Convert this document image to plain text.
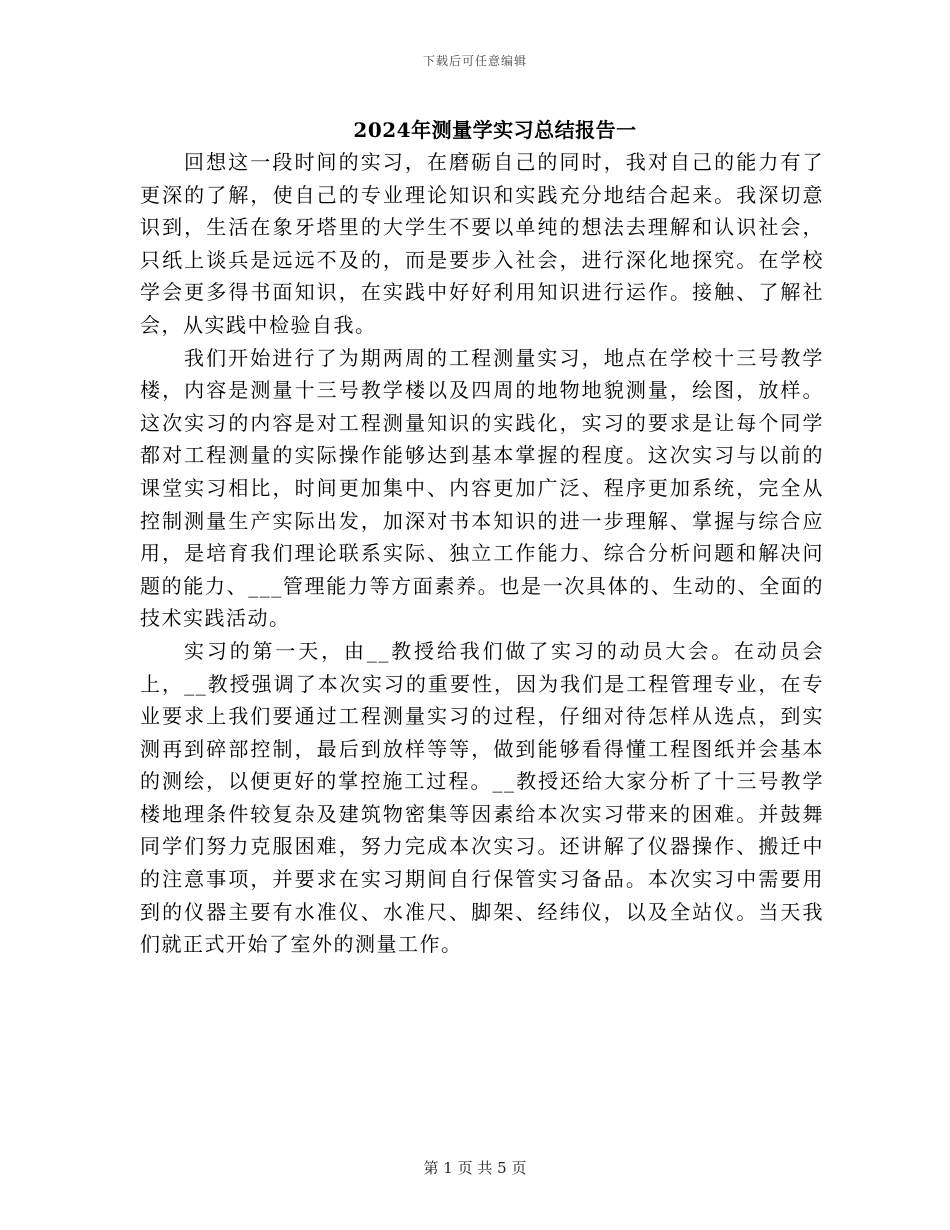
下载后可任意编辑
2024年测量学实习总结报告一

回想这一段时间的实习，在磨砺自己的同时，我对自己的能力有了更深的了解，使自己的专业理论知识和实践充分地结合起来。我深切意识到，生活在象牙塔里的大学生不要以单纯的想法去理解和认识社会，只纸上谈兵是远远不及的，而是要步入社会，进行深化地探究。在学校学会更多得书面知识，在实践中好好利用知识进行运作。接触、了解社会，从实践中检验自我。

我们开始进行了为期两周的工程测量实习，地点在学校十三号教学楼，内容是测量十三号教学楼以及四周的地物地貌测量，绘图，放样。这次实习的内容是对工程测量知识的实践化，实习的要求是让每个同学都对工程测量的实际操作能够达到基本掌握的程度。这次实习与以前的课堂实习相比，时间更加集中、内容更加广泛、程序更加系统，完全从控制测量生产实际出发，加深对书本知识的进一步理解、掌握与综合应用，是培育我们理论联系实际、独立工作能力、综合分析问题和解决问题的能力、___管理能力等方面素养。也是一次具体的、生动的、全面的技术实践活动。

实习的第一天，由__教授给我们做了实习的动员大会。在动员会上，__教授强调了本次实习的重要性，因为我们是工程管理专业，在专业要求上我们要通过工程测量实习的过程，仔细对待怎样从选点，到实测再到碎部控制，最后到放样等等，做到能够看得懂工程图纸并会基本的测绘，以便更好的掌控施工过程。__教授还给大家分析了十三号教学楼地理条件较复杂及建筑物密集等因素给本次实习带来的困难。并鼓舞同学们努力克服困难，努力完成本次实习。还讲解了仪器操作、搬迁中的注意事项，并要求在实习期间自行保管实习备品。本次实习中需要用到的仪器主要有水准仪、水准尺、脚架、经纬仪，以及全站仪。当天我们就正式开始了室外的测量工作。

第 1 页 共 5 页
